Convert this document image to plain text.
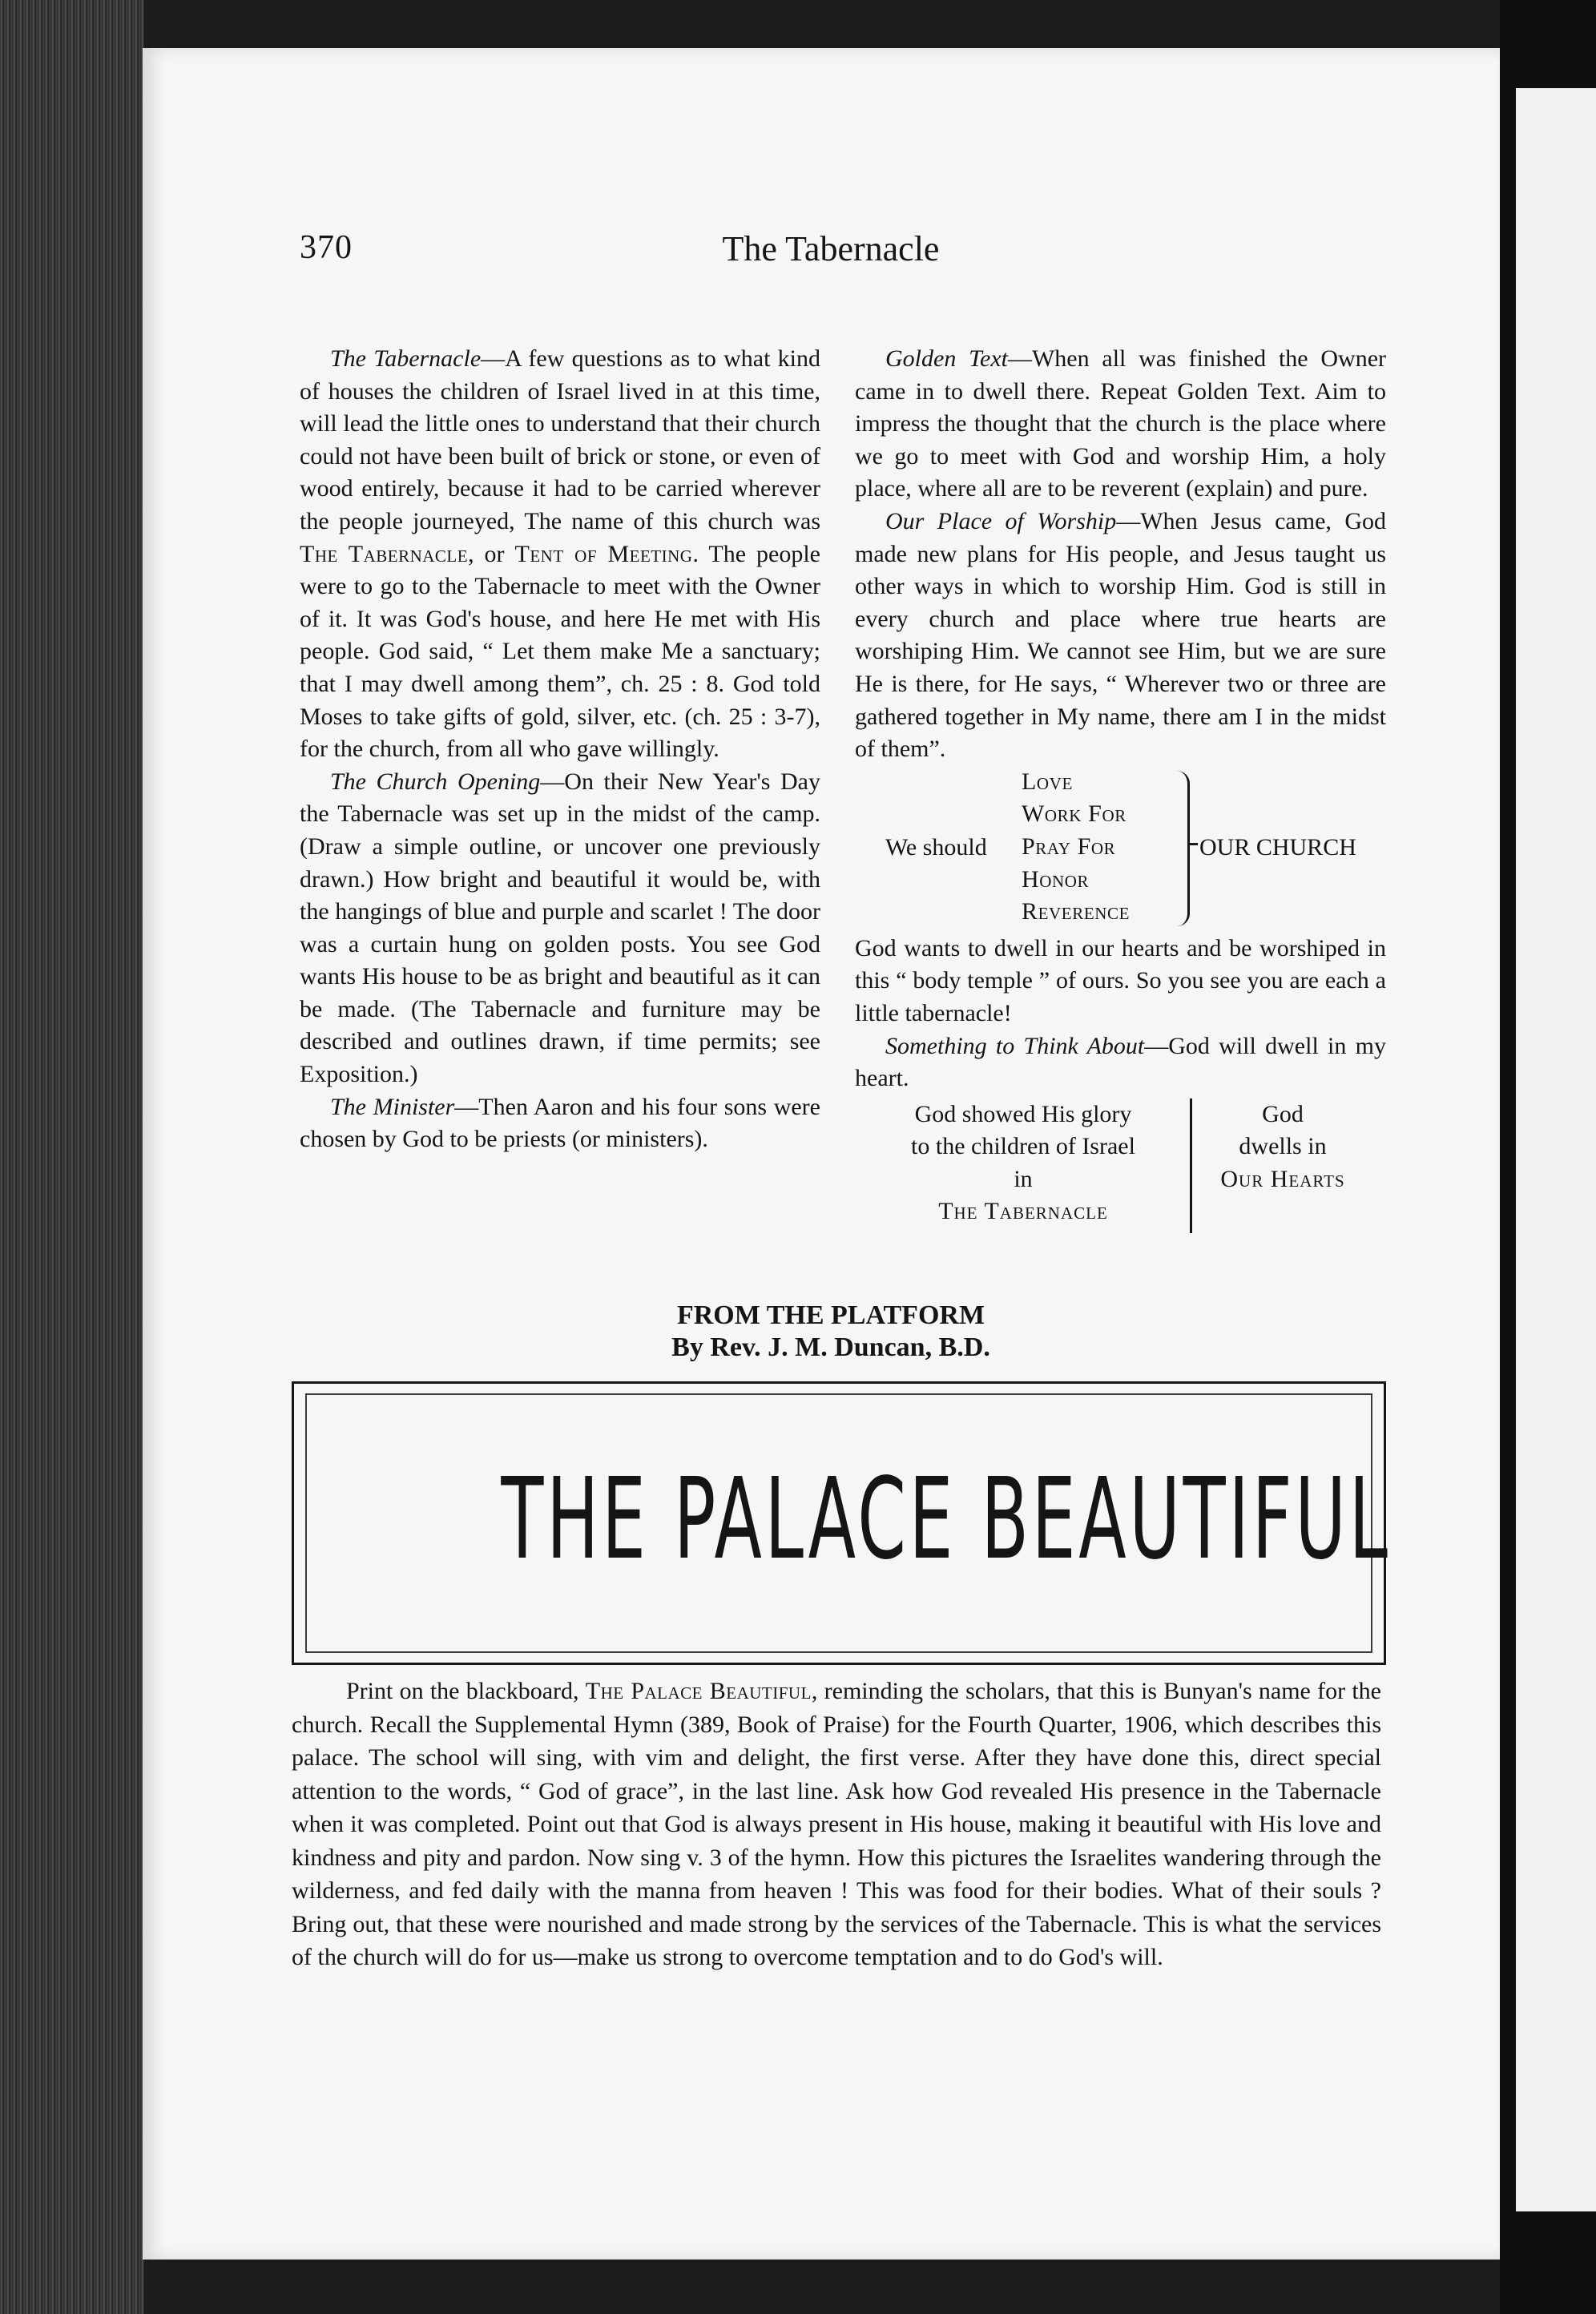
370	The Tabernacle

The Tabernacle—A few questions as to what kind of houses the children of Israel lived in at this time, will lead the little ones to understand that their church could not have been built of brick or stone, or even of wood entirely, because it had to be carried wherever the people journeyed, The name of this church was The Tabernacle, or Tent of Meeting. The people were to go to the Tabernacle to meet with the Owner of it. It was God's house, and here He met with His people. God said, “ Let them make Me a sanctuary; that I may dwell among them”, ch. 25 : 8. God told Moses to take gifts of gold, silver, etc. (ch. 25 : 3-7), for the church, from all who gave willingly.

The Church Opening—On their New Year's Day the Tabernacle was set up in the midst of the camp. (Draw a simple outline, or uncover one previously drawn.) How bright and beautiful it would be, with the hangings of blue and purple and scarlet ! The door was a curtain hung on golden posts. You see God wants His house to be as bright and beautiful as it can be made. (The Tabernacle and furniture may be described and outlines drawn, if time permits; see Exposition.)

The Minister—Then Aaron and his four sons were chosen by God to be priests (or ministers).

Golden Text—When all was finished the Owner came in to dwell there. Repeat Golden Text. Aim to impress the thought that the church is the place where we go to meet with God and worship Him, a holy place, where all are to be reverent (explain) and pure.

Our Place of Worship—When Jesus came, God made new plans for His people, and Jesus taught us other ways in which to worship Him. God is still in every church and place where true hearts are worshiping Him. We cannot see Him, but we are sure He is there, for He says, “ Wherever two or three are gathered together in My name, there am I in the midst of them”.

We should
Love
Work For
Pray For
Honor
Reverence
OUR CHURCH

God wants to dwell in our hearts and be worshiped in this “ body temple ” of ours. So you see you are each a little tabernacle!

Something to Think About—God will dwell in my heart.

God showed His glory
to the children of Israel
in
The Tabernacle
God
dwells in
Our Hearts
FROM THE PLATFORM
By Rev. J. M. Duncan, B.D.
THE PALACE BEAUTIFUL
Print on the blackboard, The Palace Beautiful, reminding the scholars, that this is Bunyan's name for the church. Recall the Supplemental Hymn (389, Book of Praise) for the Fourth Quarter, 1906, which describes this palace. The school will sing, with vim and delight, the first verse. After they have done this, direct special attention to the words, “ God of grace”, in the last line. Ask how God revealed His presence in the Tabernacle when it was completed. Point out that God is always present in His house, making it beautiful with His love and kindness and pity and pardon. Now sing v. 3 of the hymn. How this pictures the Israelites wandering through the wilderness, and fed daily with the manna from heaven ! This was food for their bodies. What of their souls ? Bring out, that these were nourished and made strong by the services of the Tabernacle. This is what the services of the church will do for us—make us strong to overcome temptation and to do God's will.
